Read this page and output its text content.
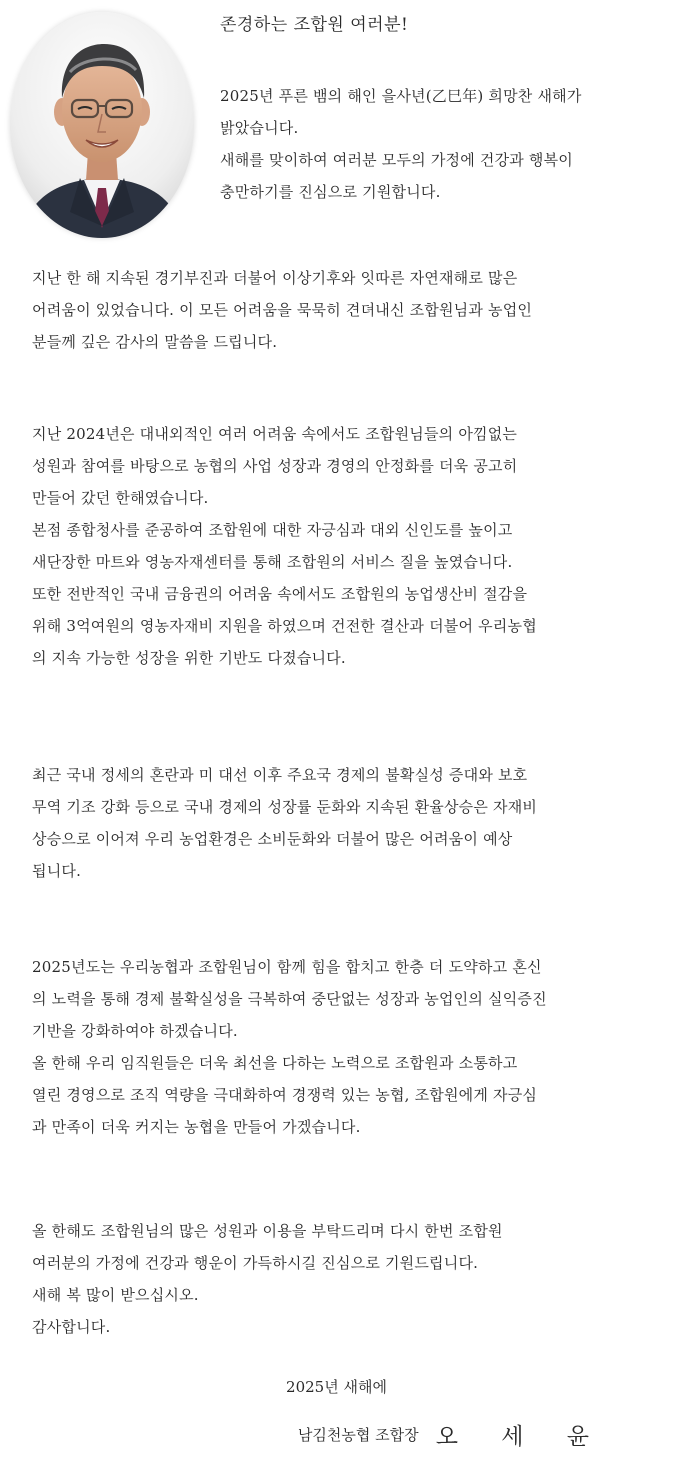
존경하는 조합원 여러분!

2025년 푸른 뱀의 해인 을사년(乙巳年) 희망찬 새해가
밝았습니다.
새해를 맞이하여 여러분 모두의 가정에 건강과 행복이
충만하기를 진심으로 기원합니다.
지난 한 해 지속된 경기부진과 더불어 이상기후와 잇따른 자연재해로 많은
어려움이 있었습니다. 이 모든 어려움을 묵묵히 견뎌내신 조합원님과 농업인
분들께 깊은 감사의 말씀을 드립니다.
지난 2024년은 대내외적인 여러 어려움 속에서도 조합원님들의 아낌없는
성원과 참여를 바탕으로 농협의 사업 성장과 경영의 안정화를 더욱 공고히
만들어 갔던 한해였습니다.
본점 종합청사를 준공하여 조합원에 대한 자긍심과 대외 신인도를 높이고
새단장한 마트와 영농자재센터를 통해 조합원의 서비스 질을 높였습니다.
또한 전반적인 국내 금융권의 어려움 속에서도 조합원의 농업생산비 절감을
위해 3억여원의 영농자재비 지원을 하였으며 건전한 결산과 더불어 우리농협
의 지속 가능한 성장을 위한 기반도 다졌습니다.
최근 국내 정세의 혼란과 미 대선 이후 주요국 경제의 불확실성 증대와 보호
무역 기조 강화 등으로 국내 경제의 성장률 둔화와 지속된 환율상승은 자재비
상승으로 이어져 우리 농업환경은 소비둔화와 더불어 많은 어려움이 예상
됩니다.
2025년도는 우리농협과 조합원님이 함께 힘을 합치고 한층 더 도약하고 혼신
의 노력을 통해 경제 불확실성을 극복하여 중단없는 성장과 농업인의 실익증진
기반을 강화하여야 하겠습니다.
올 한해 우리 임직원들은 더욱 최선을 다하는 노력으로 조합원과 소통하고
열린 경영으로 조직 역량을 극대화하여 경쟁력 있는 농협, 조합원에게 자긍심
과 만족이 더욱 커지는 농협을 만들어 가겠습니다.
올 한해도 조합원님의 많은 성원과 이용을 부탁드리며 다시 한번 조합원
여러분의 가정에 건강과 행운이 가득하시길 진심으로 기원드립니다.
새해 복 많이 받으십시오.
감사합니다.

2025년 새해에

남김천농협 조합장 오 세 윤
